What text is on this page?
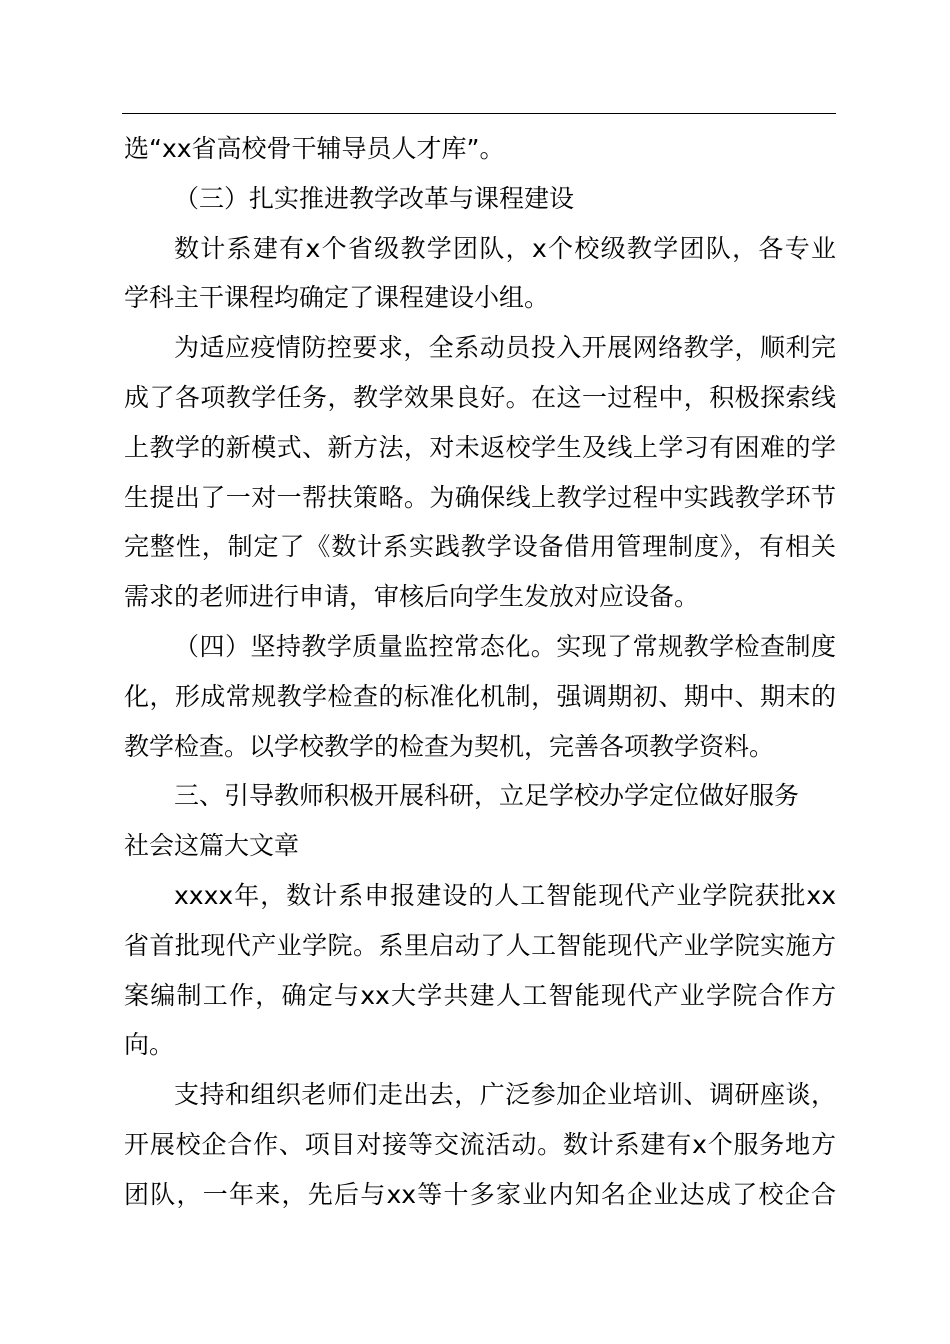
选“xx省高校骨干辅导员人才库”。
（三）扎实推进教学改革与课程建设
数计系建有x个省级教学团队，x个校级教学团队，各专业
学科主干课程均确定了课程建设小组。
为适应疫情防控要求，全系动员投入开展网络教学，顺利完
成了各项教学任务，教学效果良好。在这一过程中，积极探索线
上教学的新模式、新方法，对未返校学生及线上学习有困难的学
生提出了一对一帮扶策略。为确保线上教学过程中实践教学环节
完整性，制定了《数计系实践教学设备借用管理制度》，有相关
需求的老师进行申请，审核后向学生发放对应设备。
（四）坚持教学质量监控常态化。实现了常规教学检查制度
化，形成常规教学检查的标准化机制，强调期初、期中、期末的
教学检查。以学校教学的检查为契机，完善各项教学资料。
三、引导教师积极开展科研，立足学校办学定位做好服务
社会这篇大文章
xxxx年，数计系申报建设的人工智能现代产业学院获批xx
省首批现代产业学院。系里启动了人工智能现代产业学院实施方
案编制工作，确定与xx大学共建人工智能现代产业学院合作方
向。
支持和组织老师们走出去，广泛参加企业培训、调研座谈，
开展校企合作、项目对接等交流活动。数计系建有x个服务地方
团队，一年来，先后与xx等十多家业内知名企业达成了校企合
